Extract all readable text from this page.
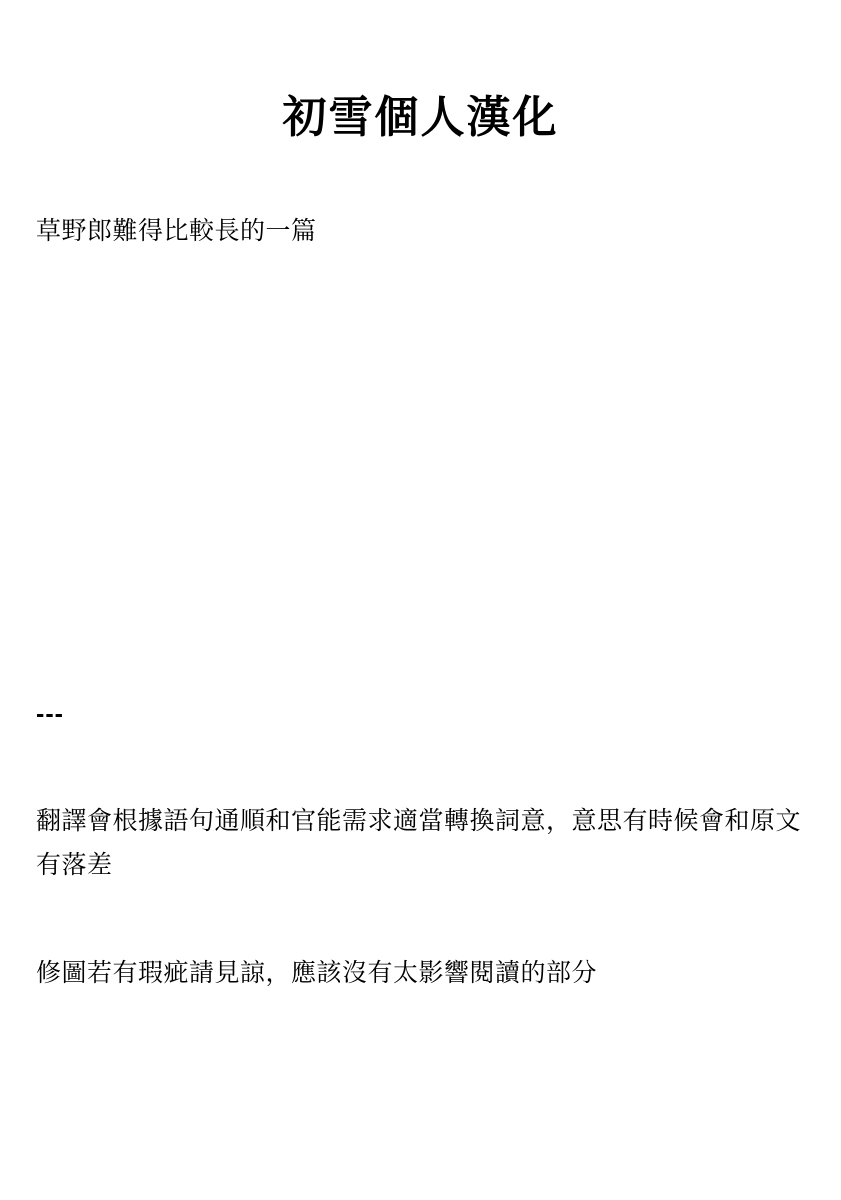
初雪個人漢化
草野郎難得比較長的一篇
---
翻譯會根據語句通順和官能需求適當轉換詞意，意思有時候會和原文有落差
修圖若有瑕疵請見諒，應該沒有太影響閱讀的部分
